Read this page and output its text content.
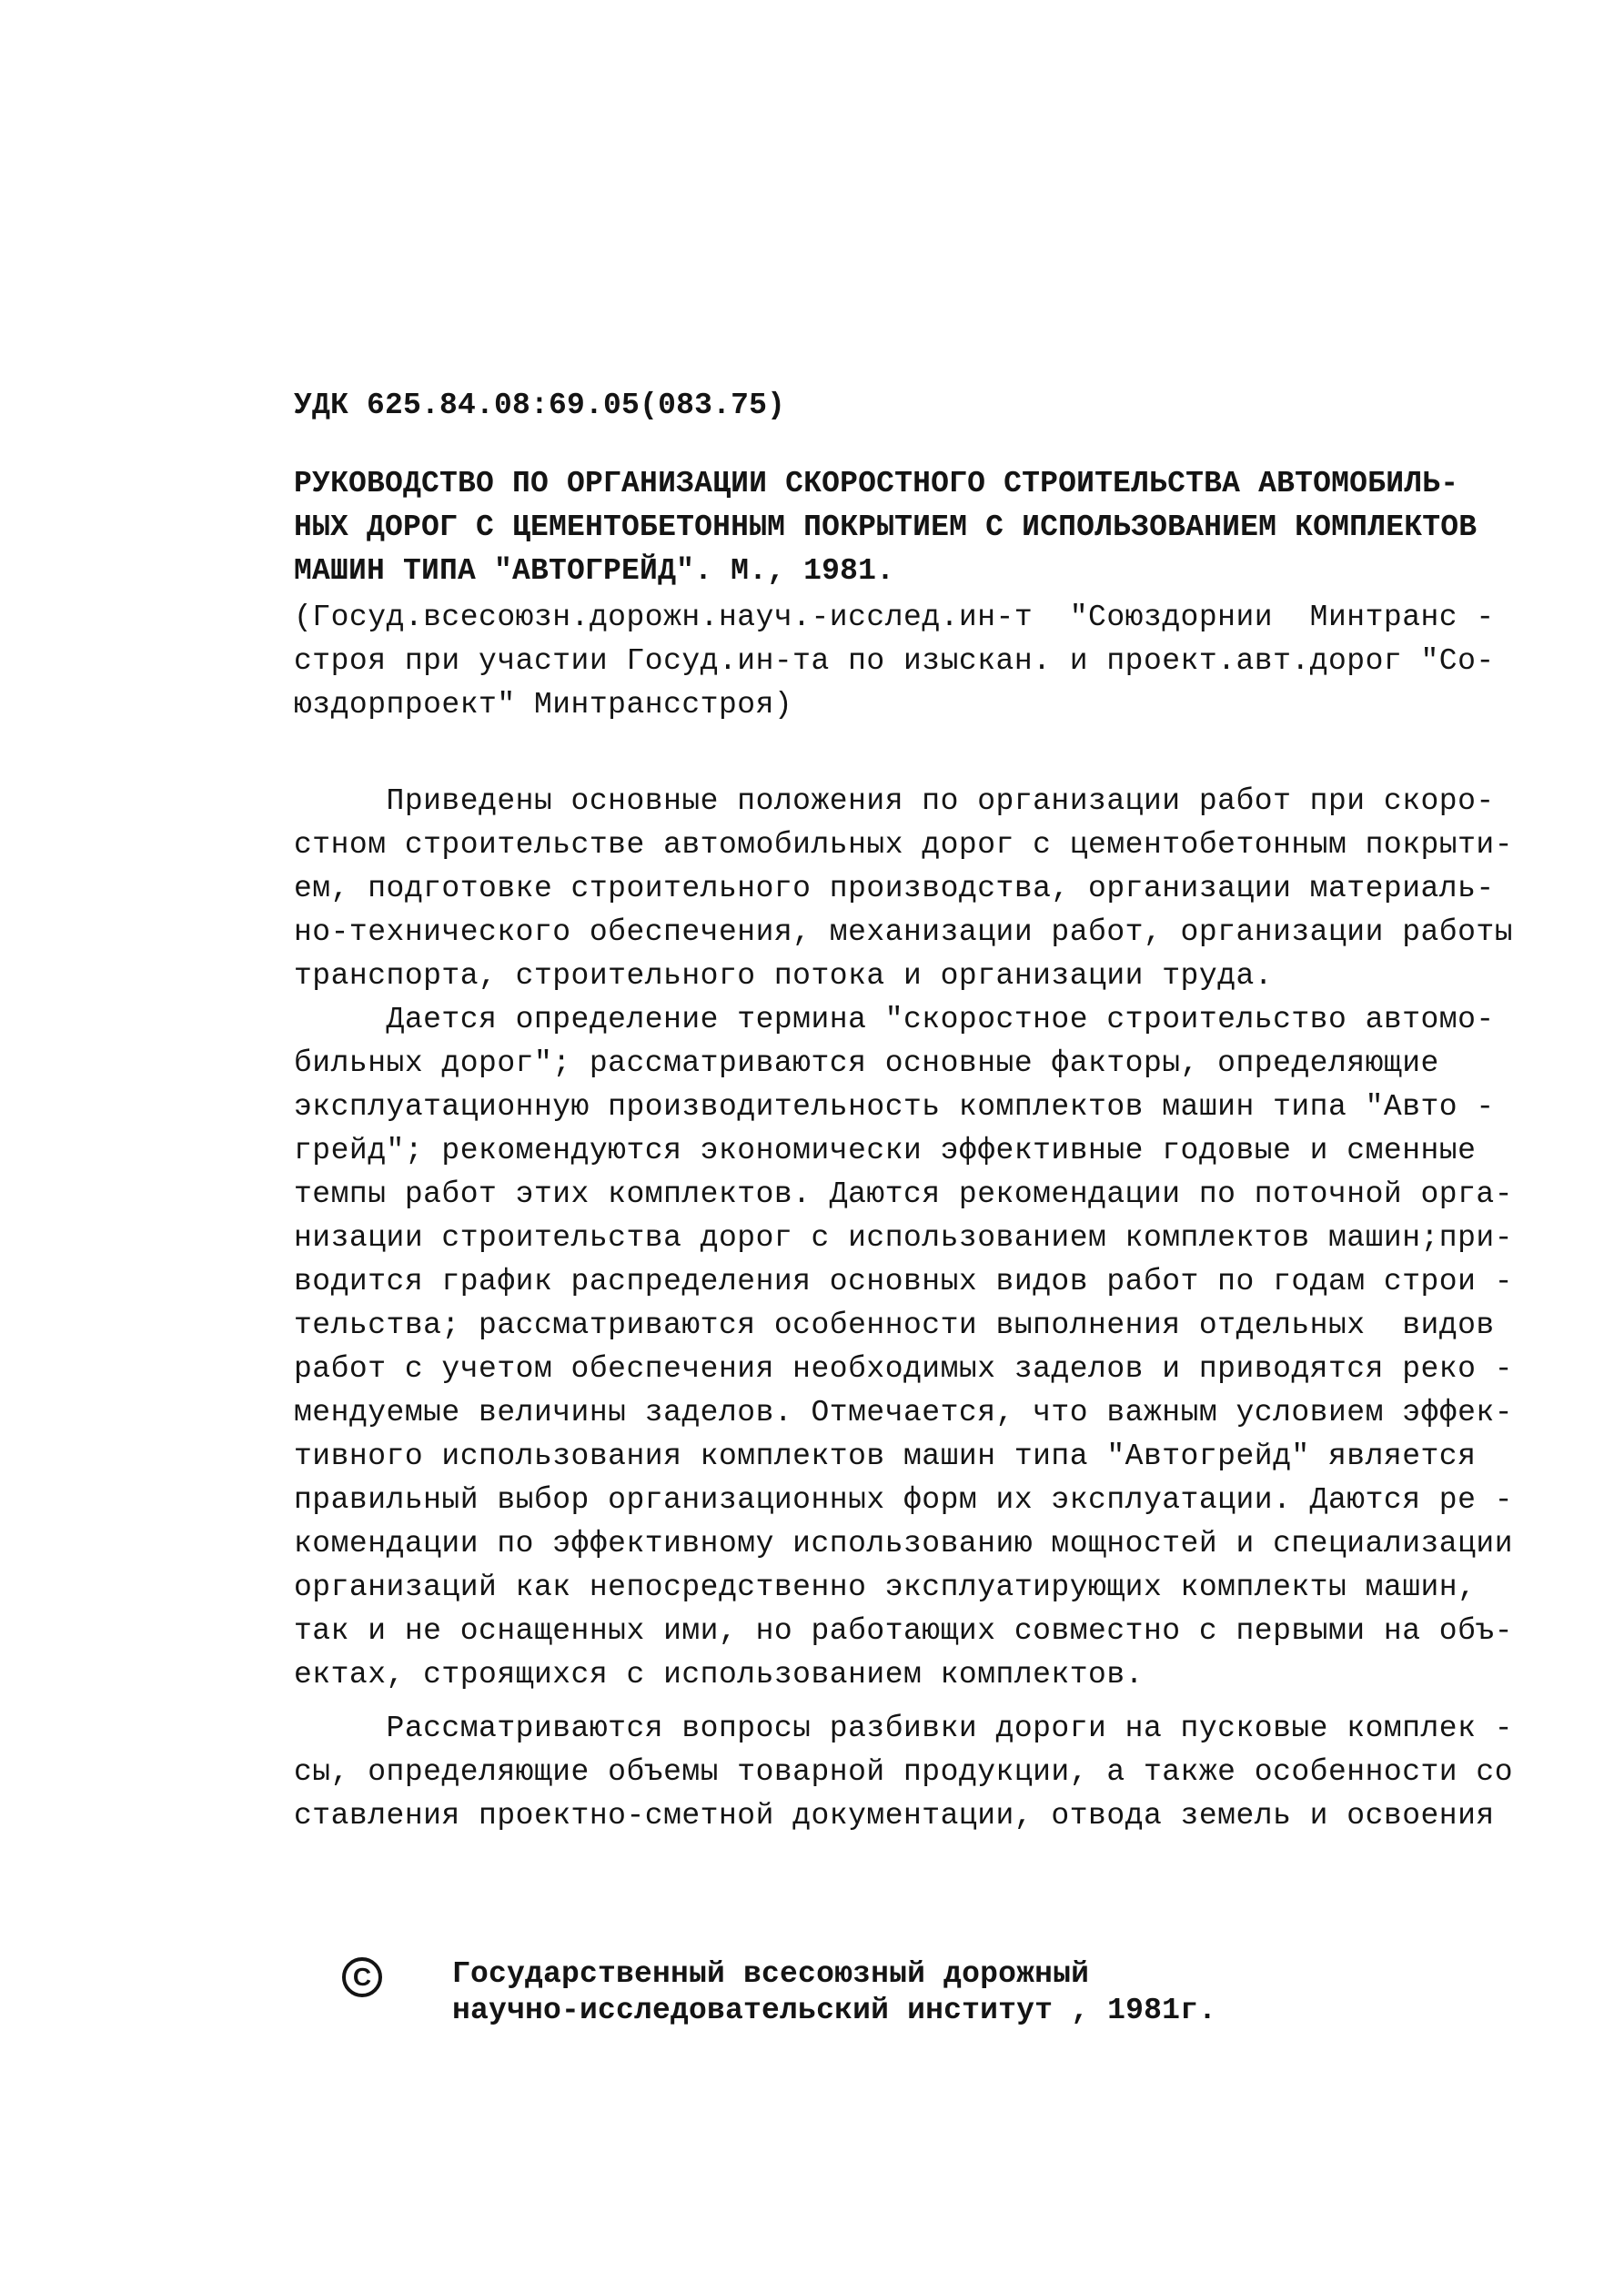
УДК 625.84.08:69.05(083.75)
РУКОВОДСТВО ПО ОРГАНИЗАЦИИ СКОРОСТНОГО СТРОИТЕЛЬСТВА АВТОМОБИЛЬ-
НЫХ ДОРОГ С ЦЕМЕНТОБЕТОННЫМ ПОКРЫТИЕМ С ИСПОЛЬЗОВАНИЕМ КОМПЛЕКТОВ
МАШИН ТИПА "АВТОГРЕЙД". М., 1981.
(Госуд.всесоюзн.дорожн.науч.-исслед.ин-т  "Союздорнии  Минтранс -
строя при участии Госуд.ин-та по изыскан. и проект.авт.дорог "Со-
юздорпроект" Минтрансстроя)
Приведены основные положения по организации работ при скоро-
стном строительстве автомобильных дорог с цементобетонным покрыти-
ем, подготовке строительного производства, организации материаль-
но-технического обеспечения, механизации работ, организации работы
транспорта, строительного потока и организации труда.
Дается определение термина "скоростное строительство автомо-
бильных дорог"; рассматриваются основные факторы, определяющие
эксплуатационную производительность комплектов машин типа "Авто -
грейд"; рекомендуются экономически эффективные годовые и сменные
темпы работ этих комплектов. Даются рекомендации по поточной орга-
низации строительства дорог с использованием комплектов машин;при-
водится график распределения основных видов работ по годам строи -
тельства; рассматриваются особенности выполнения отдельных  видов
работ с учетом обеспечения необходимых заделов и приводятся реко -
мендуемые величины заделов. Отмечается, что важным условием эффек-
тивного использования комплектов машин типа "Автогрейд" является
правильный выбор организационных форм их эксплуатации. Даются ре -
комендации по эффективному использованию мощностей и специализации
организаций как непосредственно эксплуатирующих комплекты машин,
так и не оснащенных ими, но работающих совместно с первыми на объ-
ектах, строящихся с использованием комплектов.
Рассматриваются вопросы разбивки дороги на пусковые комплек -
сы, определяющие объемы товарной продукции, а также особенности со
ставления проектно-сметной документации, отвода земель и освоения
C	Государственный всесоюзный дорожный
научно-исследовательский институт , 1981г.
